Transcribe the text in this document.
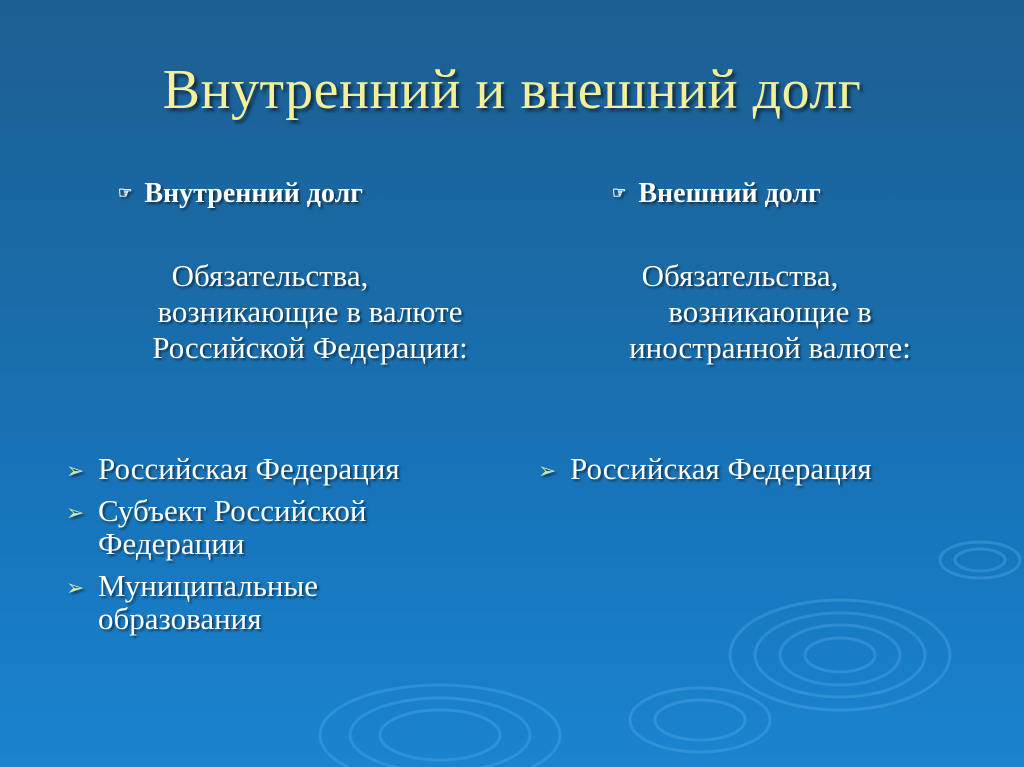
Внутренний и внешний долг
☞ Внутренний долг	☞ Внешний долг
Обязательства,
возникающие в валюте
Российской Федерации:
Обязательства,
возникающие в
иностранной валюте:
➢ Российская Федерация
➢ Субъект Российской Федерации
➢ Муниципальные образования
➢ Российская Федерация
